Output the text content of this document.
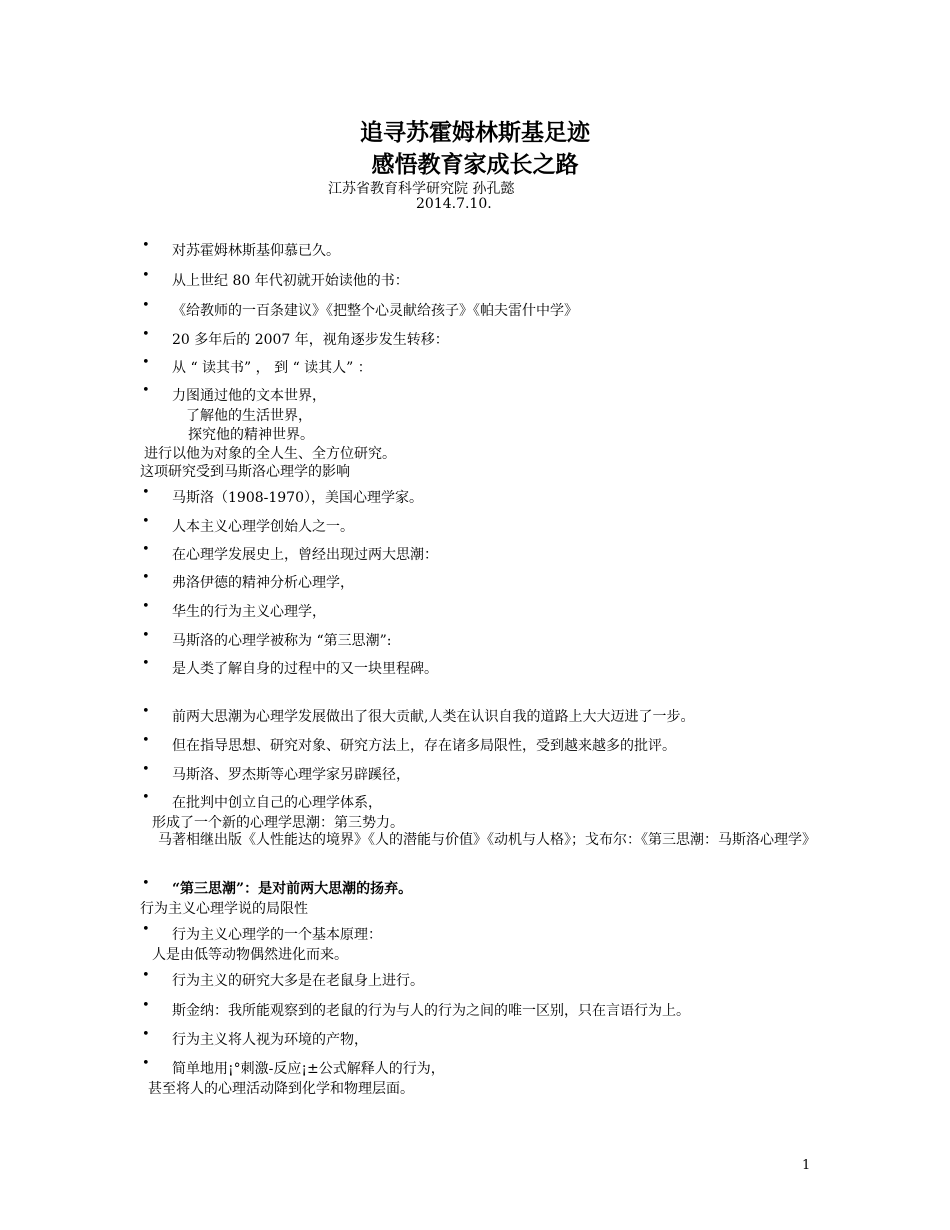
追寻苏霍姆林斯基足迹
感悟教育家成长之路
江苏省教育科学研究院 孙孔懿
2014.7.10.
• 对苏霍姆林斯基仰慕已久。
• 从上世纪 80 年代初就开始读他的书：
• 《给教师的一百条建议》《把整个心灵献给孩子》《帕夫雷什中学》
• 20 多年后的 2007 年，视角逐步发生转移：
• 从 “ 读其书” ， 到 “ 读其人” ：
• 力图通过他的文本世界，
了解他的生活世界，
探究他的精神世界。
进行以他为对象的全人生、全方位研究。
这项研究受到马斯洛心理学的影响
• 马斯洛（1908-1970），美国心理学家。
• 人本主义心理学创始人之一。
• 在心理学发展史上，曾经出现过两大思潮：
• 弗洛伊德的精神分析心理学，
• 华生的行为主义心理学，
• 马斯洛的心理学被称为 “第三思潮”:
• 是人类了解自身的过程中的又一块里程碑。
• 前两大思潮为心理学发展做出了很大贡献,人类在认识自我的道路上大大迈进了一步。
• 但在指导思想、研究对象、研究方法上，存在诸多局限性，受到越来越多的批评。
• 马斯洛、罗杰斯等心理学家另辟蹊径，
• 在批判中创立自己的心理学体系，
形成了一个新的心理学思潮：第三势力。
马著相继出版《人性能达的境界》《人的潜能与价值》《动机与人格》；戈布尔：《第三思潮：马斯洛心理学》
• “第三思潮”：是对前两大思潮的扬弃。
行为主义心理学说的局限性
• 行为主义心理学的一个基本原理：
人是由低等动物偶然进化而来。
• 行为主义的研究大多是在老鼠身上进行。
• 斯金纳：我所能观察到的老鼠的行为与人的行为之间的唯一区别，只在言语行为上。
• 行为主义将人视为环境的产物，
• 简单地用¡°刺激-反应¡±公式解释人的行为，
甚至将人的心理活动降到化学和物理层面。
1
